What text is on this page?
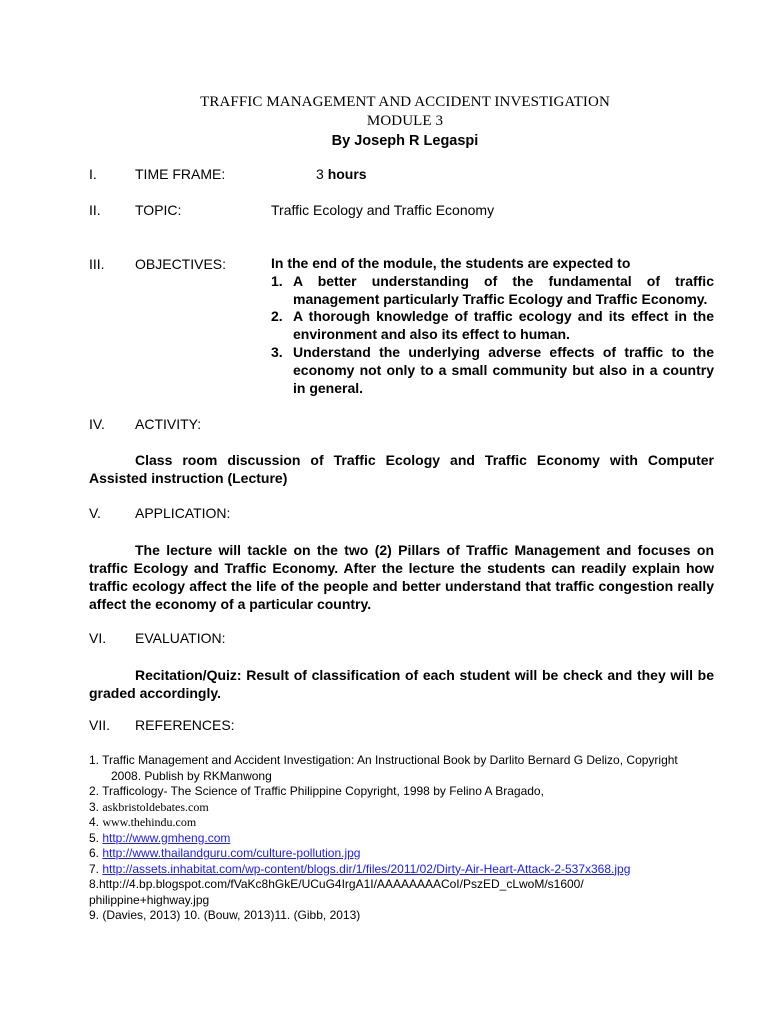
TRAFFIC MANAGEMENT AND ACCIDENT INVESTIGATION
MODULE 3
By Joseph R Legaspi
I.	TIME FRAME:	3 hours
II. TOPIC:	Traffic Ecology and Traffic Economy
III. OBJECTIVES:	In the end of the module, the students are expected to
1. A better understanding of the fundamental of traffic management particularly Traffic Ecology and Traffic Economy.
2. A thorough knowledge of traffic ecology and its effect in the environment and also its effect to human.
3. Understand the underlying adverse effects of traffic to the economy not only to a small community but also in a country in general.
IV. ACTIVITY:
Class room discussion of Traffic Ecology and Traffic Economy with Computer Assisted instruction (Lecture)
V. APPLICATION:
The lecture will tackle on the two (2) Pillars of Traffic Management and focuses on traffic Ecology and Traffic Economy. After the lecture the students can readily explain how traffic ecology affect the life of the people and better understand that traffic congestion really affect the economy of a particular country.
VI. EVALUATION:
Recitation/Quiz: Result of classification of each student will be check and they will be graded accordingly.
VII. REFERENCES:
1. Traffic Management and Accident Investigation: An Instructional Book by Darlito Bernard G Delizo, Copyright
2008. Publish by RKManwong
2. Trafficology- The Science of Traffic Philippine Copyright, 1998 by Felino A Bragado,
3. askbristoldebates.com
4. www.thehindu.com
5. http://www.gmheng.com
6. http://www.thailandguru.com/culture-pollution.jpg
7. http://assets.inhabitat.com/wp-content/blogs.dir/1/files/2011/02/Dirty-Air-Heart-Attack-2-537x368.jpg
8.http://4.bp.blogspot.com/fVaKc8hGkE/UCuG4IrgA1I/AAAAAAAACoI/PszED_cLwoM/s1600/
philippine+highway.jpg
9. (Davies, 2013) 10. (Bouw, 2013)11. (Gibb, 2013)
